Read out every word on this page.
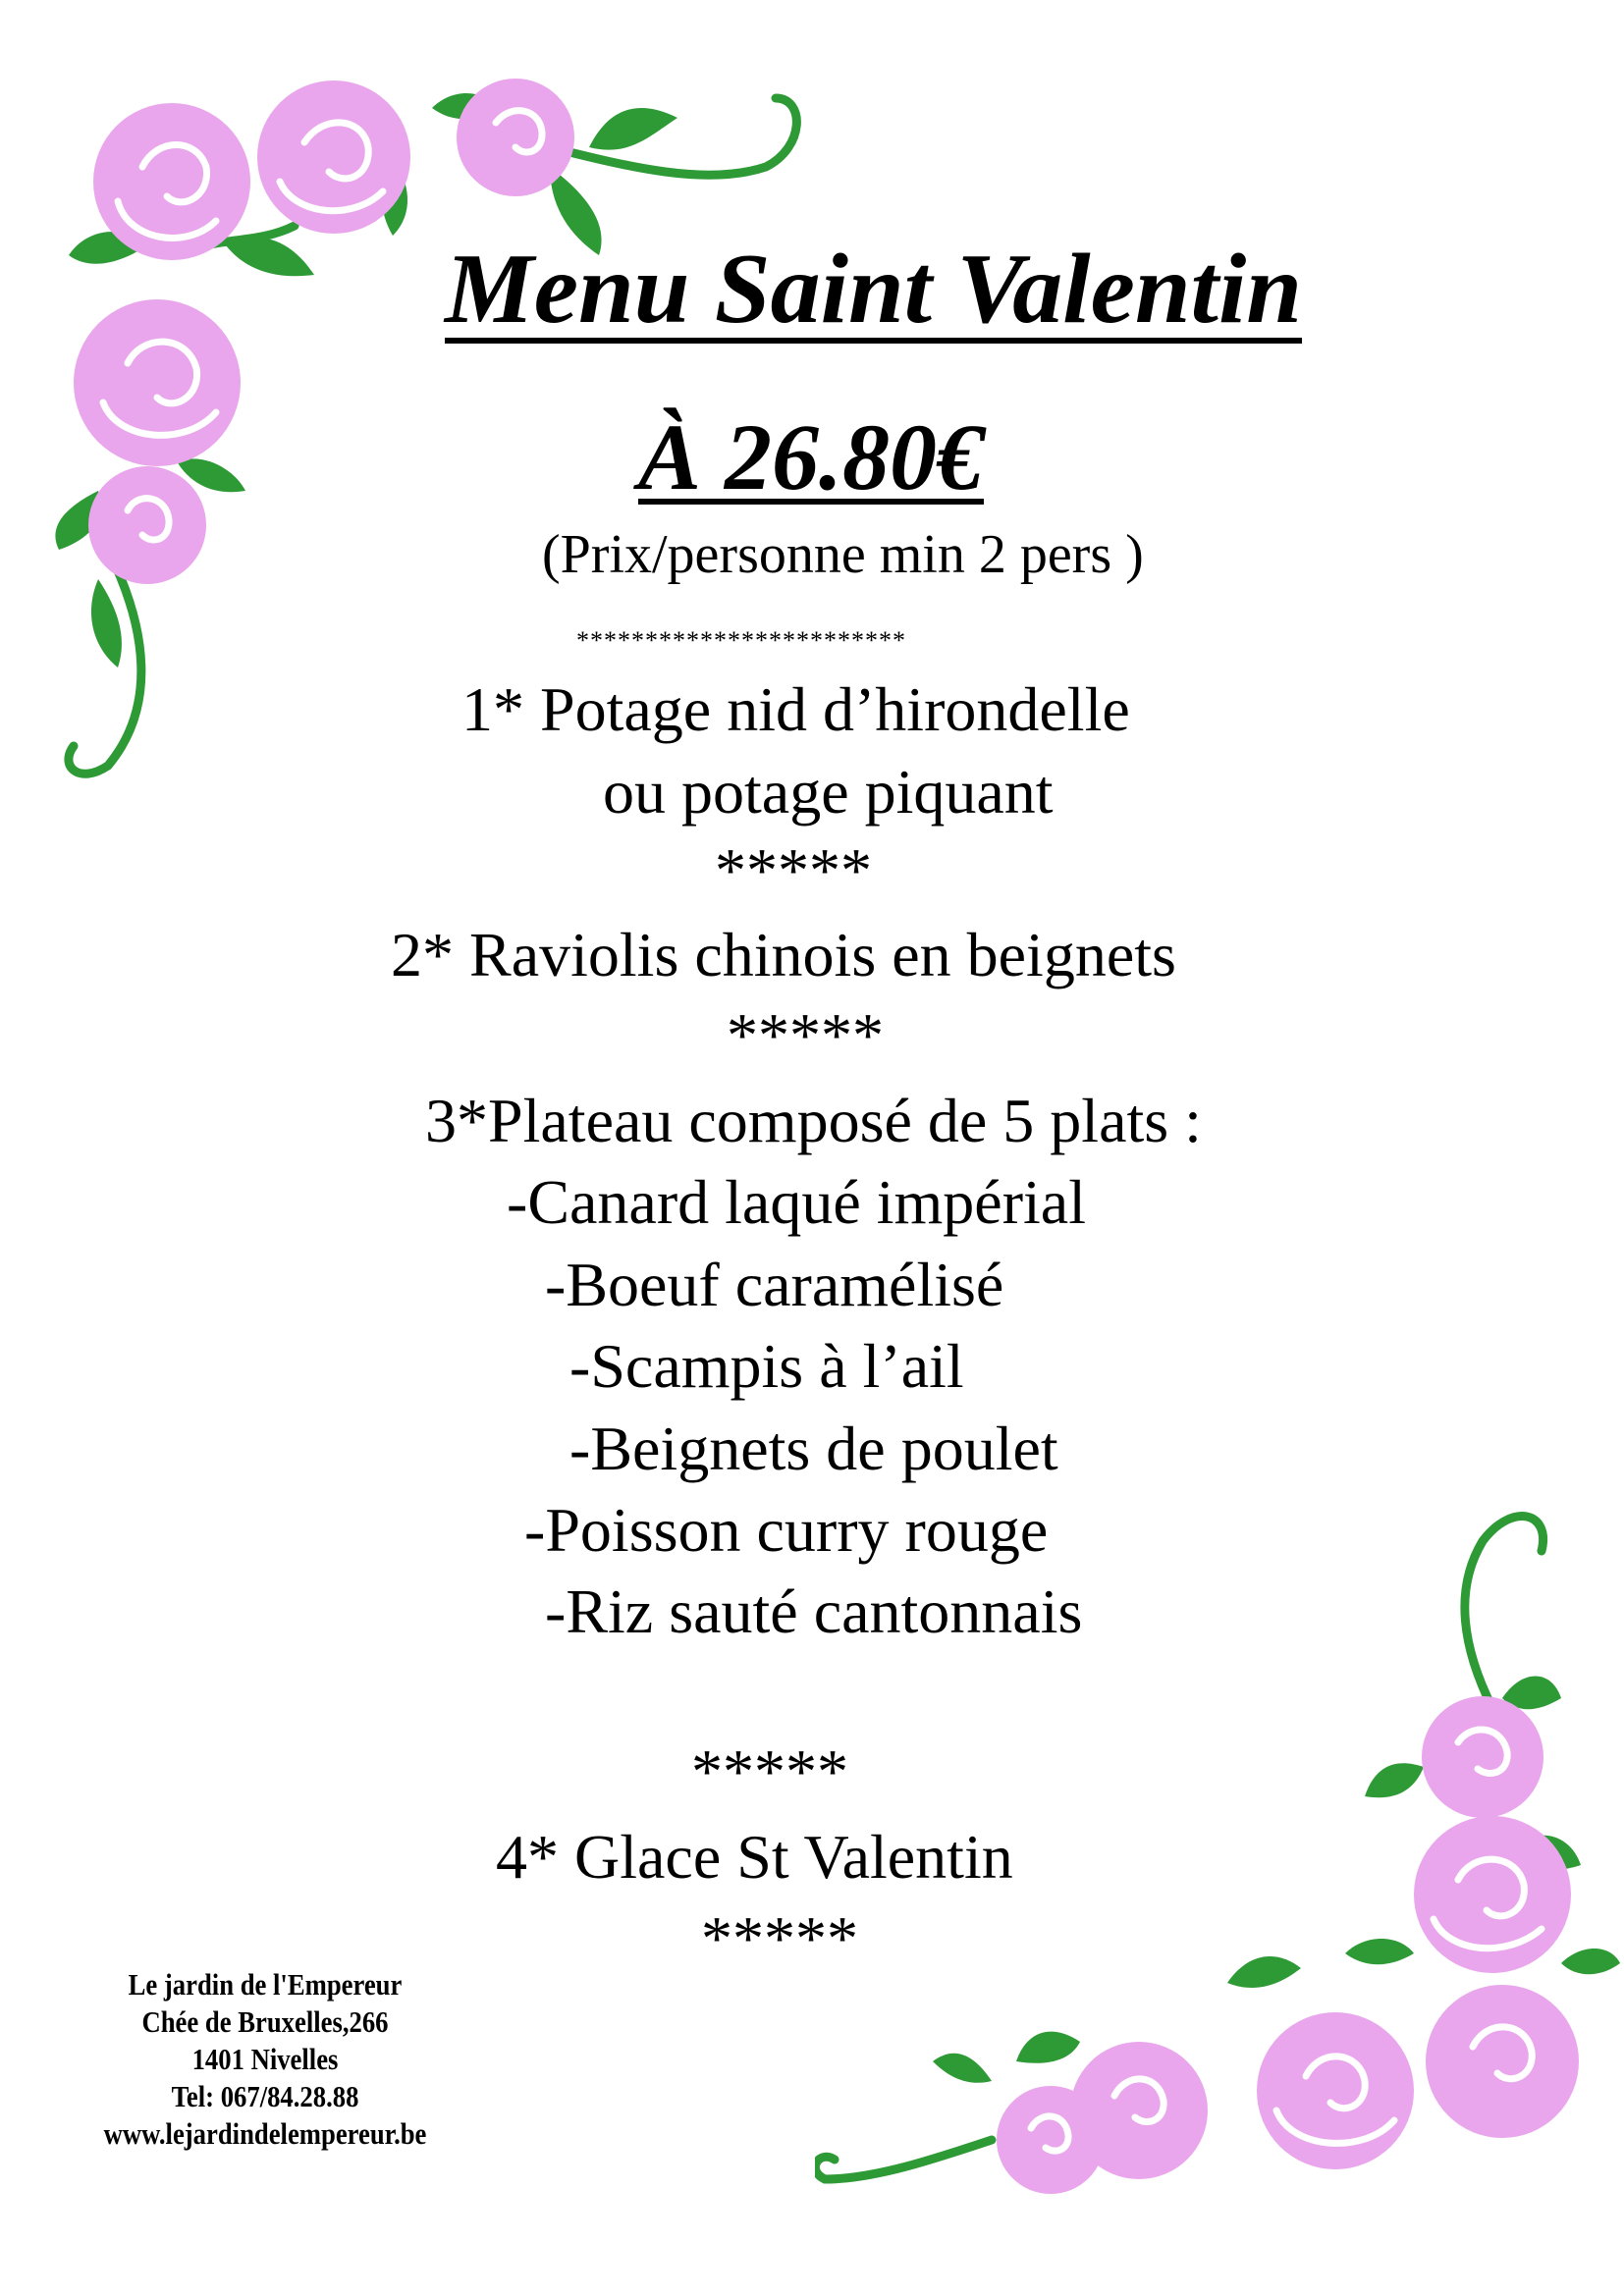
Menu Saint Valentin
À 26.80€
(Prix/personne min 2 pers )
************************
1* Potage nid d’hirondelle
ou potage piquant
*****
2* Raviolis chinois en beignets
*****
3*Plateau composé de 5 plats :
-Canard laqué impérial
-Boeuf caramélisé
-Scampis à l’ail
-Beignets de poulet
-Poisson curry rouge
-Riz sauté cantonnais
*****
4* Glace St Valentin
*****
Le jardin de l'Empereur
Chée de Bruxelles,266
1401 Nivelles
Tel: 067/84.28.88
www.lejardindelempereur.be
